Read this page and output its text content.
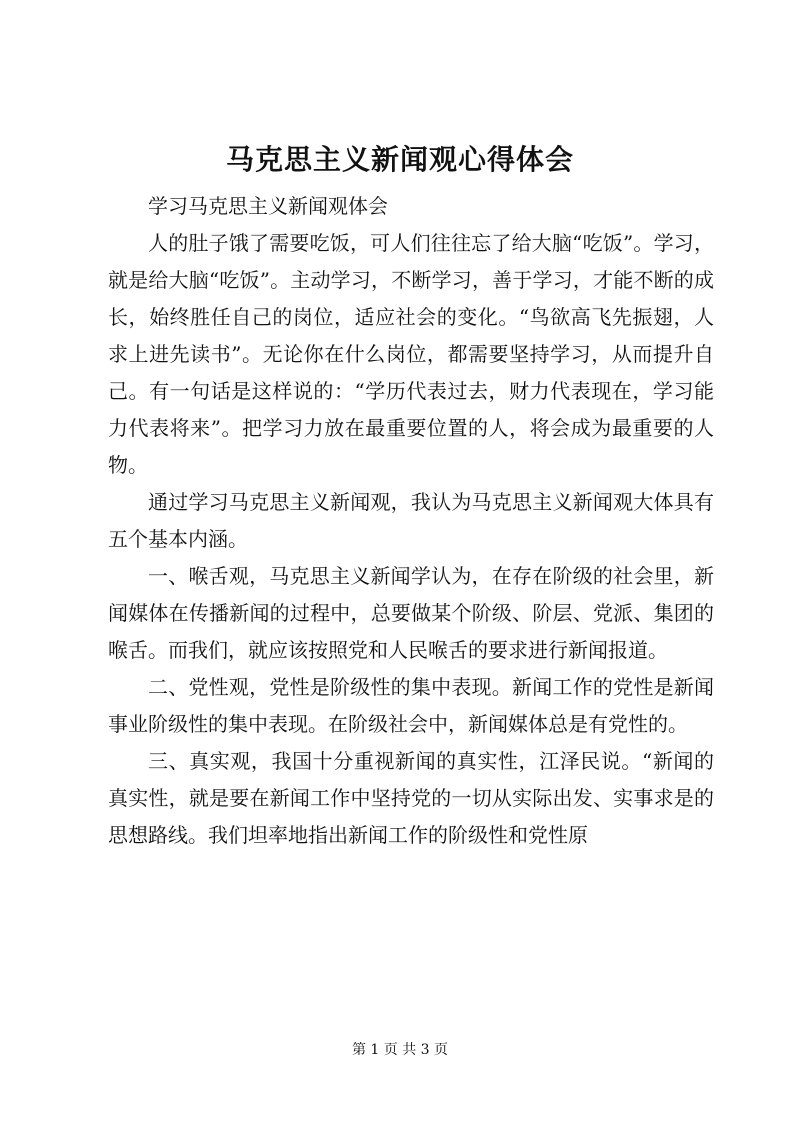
马克思主义新闻观心得体会

学习马克思主义新闻观体会

人的肚子饿了需要吃饭，可人们往往忘了给大脑“吃饭”。学习，就是给大脑“吃饭”。主动学习，不断学习，善于学习，才能不断的成长，始终胜任自己的岗位，适应社会的变化。“鸟欲高飞先振翅，人求上进先读书”。无论你在什么岗位，都需要坚持学习，从而提升自己。有一句话是这样说的：“学历代表过去，财力代表现在，学习能力代表将来”。把学习力放在最重要位置的人，将会成为最重要的人物。

通过学习马克思主义新闻观，我认为马克思主义新闻观大体具有五个基本内涵。

一、喉舌观，马克思主义新闻学认为，在存在阶级的社会里，新闻媒体在传播新闻的过程中，总要做某个阶级、阶层、党派、集团的喉舌。而我们，就应该按照党和人民喉舌的要求进行新闻报道。

二、党性观，党性是阶级性的集中表现。新闻工作的党性是新闻事业阶级性的集中表现。在阶级社会中，新闻媒体总是有党性的。

三、真实观，我国十分重视新闻的真实性，江泽民说。“新闻的真实性，就是要在新闻工作中坚持党的一切从实际出发、实事求是的思想路线。我们坦率地指出新闻工作的阶级性和党性原

第 1 页 共 3 页
